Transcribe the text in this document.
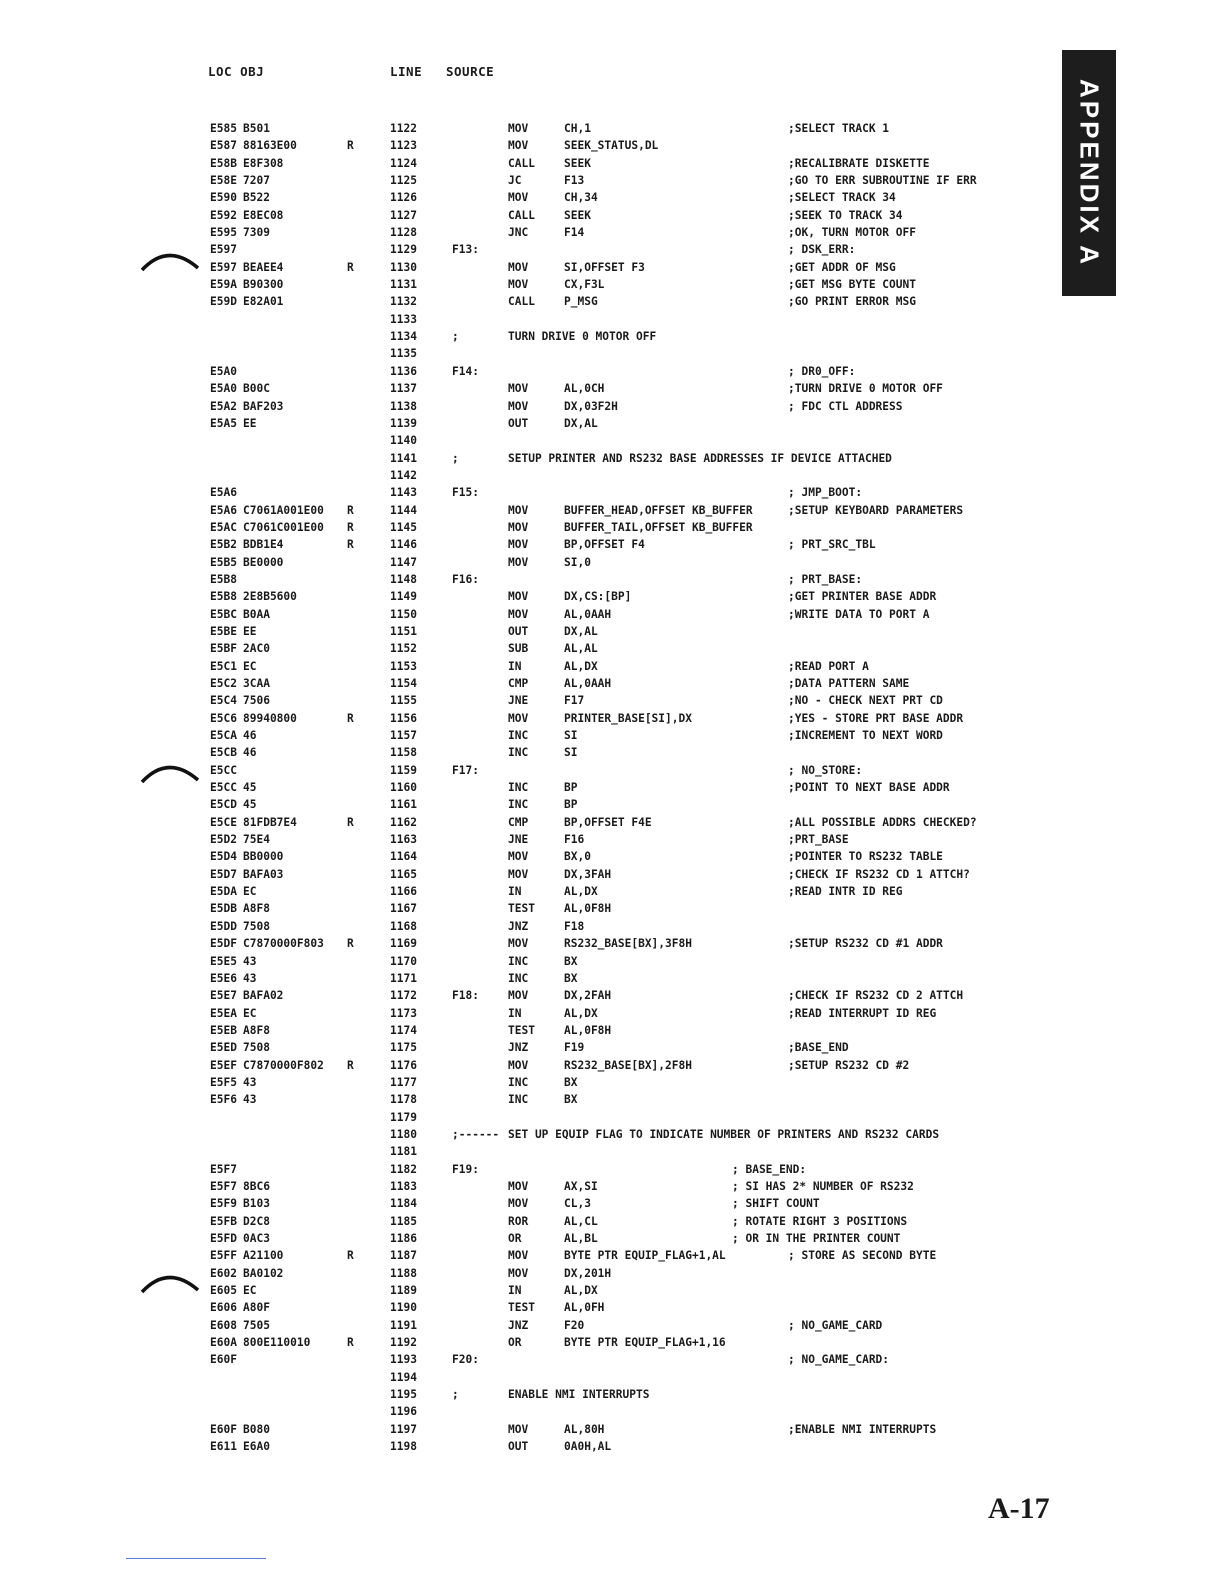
LOC OBJ	LINE SOURCE
APPENDIX A
E585 B501	1122	MOV	CH,1	;SELECT TRACK 1
E587 88163E00	R	1123	MOV	SEEK_STATUS,DL
E58B E8F308	1124	CALL	SEEK	;RECALIBRATE DISKETTE
E58E 7207	1125	JC	F13	;GO TO ERR SUBROUTINE IF ERR
E590 B522	1126	MOV	CH,34	;SELECT TRACK 34
E592 E8EC08	1127	CALL	SEEK	;SEEK TO TRACK 34
E595 7309	1128	JNC	F14	;OK, TURN MOTOR OFF
E597	1129	F13:	; DSK_ERR:
E597 BEAEE4	R	1130	MOV	SI,OFFSET F3	;GET ADDR OF MSG
E59A B90300	1131	MOV	CX,F3L	;GET MSG BYTE COUNT
E59D E82A01	1132	CALL	P_MSG	;GO PRINT ERROR MSG
1133
1134	;	TURN DRIVE 0 MOTOR OFF
1135
E5A0	1136	F14:	; DR0_OFF:
E5A0 B00C	1137	MOV	AL,0CH	;TURN DRIVE 0 MOTOR OFF
E5A2 BAF203	1138	MOV	DX,03F2H	; FDC CTL ADDRESS
E5A5 EE	1139	OUT	DX,AL
1140
1141	;	SETUP PRINTER AND RS232 BASE ADDRESSES IF DEVICE ATTACHED
1142
E5A6	1143	F15:	; JMP_BOOT:
E5A6 C7061A001E00 R	1144	MOV	BUFFER_HEAD,OFFSET KB_BUFFER	;SETUP KEYBOARD PARAMETERS
E5AC C7061C001E00 R	1145	MOV	BUFFER_TAIL,OFFSET KB_BUFFER
E5B2 BDB1E4	R	1146	MOV	BP,OFFSET F4	; PRT_SRC_TBL
E5B5 BE0000	1147	MOV	SI,0
E5B8	1148	F16:	; PRT_BASE:
E5B8 2E8B5600	1149	MOV	DX,CS:[BP]	;GET PRINTER BASE ADDR
E5BC B0AA	1150	MOV	AL,0AAH	;WRITE DATA TO PORT A
E5BE EE	1151	OUT	DX,AL
E5BF 2AC0	1152	SUB	AL,AL
E5C1 EC	1153	IN	AL,DX	;READ PORT A
E5C2 3CAA	1154	CMP	AL,0AAH	;DATA PATTERN SAME
E5C4 7506	1155	JNE	F17	;NO - CHECK NEXT PRT CD
E5C6 89940800	R	1156	MOV	PRINTER_BASE[SI],DX	;YES - STORE PRT BASE ADDR
E5CA 46	1157	INC	SI	;INCREMENT TO NEXT WORD
E5CB 46	1158	INC	SI
E5CC	1159	F17:	; NO_STORE:
E5CC 45	1160	INC	BP	;POINT TO NEXT BASE ADDR
E5CD 45	1161	INC	BP
E5CE 81FDB7E4	R	1162	CMP	BP,OFFSET F4E	;ALL POSSIBLE ADDRS CHECKED?
E5D2 75E4	1163	JNE	F16	;PRT_BASE
E5D4 BB0000	1164	MOV	BX,0	;POINTER TO RS232 TABLE
E5D7 BAFA03	1165	MOV	DX,3FAH	;CHECK IF RS232 CD 1 ATTCH?
E5DA EC	1166	IN	AL,DX	;READ INTR ID REG
E5DB A8F8	1167	TEST	AL,0F8H
E5DD 7508	1168	JNZ	F18
E5DF C7870000F803 R	1169	MOV	RS232_BASE[BX],3F8H	;SETUP RS232 CD #1 ADDR
E5E5 43	1170	INC	BX
E5E6 43	1171	INC	BX
E5E7 BAFA02	1172	F18:	MOV	DX,2FAH	;CHECK IF RS232 CD 2 ATTCH
E5EA EC	1173	IN	AL,DX	;READ INTERRUPT ID REG
E5EB A8F8	1174	TEST	AL,0F8H
E5ED 7508	1175	JNZ	F19	;BASE_END
E5EF C7870000F802 R	1176	MOV	RS232_BASE[BX],2F8H	;SETUP RS232 CD #2
E5F5 43	1177	INC	BX
E5F6 43	1178	INC	BX
1179
1180	;------ SET UP EQUIP FLAG TO INDICATE NUMBER OF PRINTERS AND RS232 CARDS
1181
E5F7	1182	F19:	; BASE_END:
E5F7 8BC6	1183	MOV	AX,SI	; SI HAS 2* NUMBER OF RS232
E5F9 B103	1184	MOV	CL,3	; SHIFT COUNT
E5FB D2C8	1185	ROR	AL,CL	; ROTATE RIGHT 3 POSITIONS
E5FD 0AC3	1186	OR	AL,BL	; OR IN THE PRINTER COUNT
E5FF A21100	R	1187	MOV	BYTE PTR EQUIP_FLAG+1,AL	; STORE AS SECOND BYTE
E602 BA0102	1188	MOV	DX,201H
E605 EC	1189	IN	AL,DX
E606 A80F	1190	TEST	AL,0FH
E608 7505	1191	JNZ	F20	; NO_GAME_CARD
E60A 800E110010	R	1192	OR	BYTE PTR EQUIP_FLAG+1,16
E60F	1193	F20:	; NO_GAME_CARD:
1194
1195	;	ENABLE NMI INTERRUPTS
1196
E60F B080	1197	MOV	AL,80H	;ENABLE NMI INTERRUPTS
E611 E6A0	1198	OUT	0A0H,AL
A-17
